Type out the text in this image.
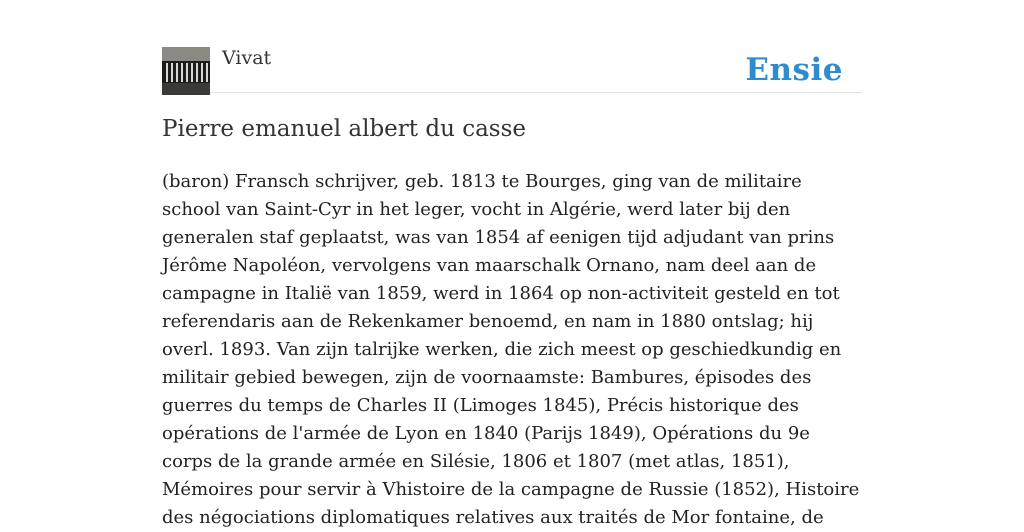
Vivat	Ensie
Pierre emanuel albert du casse

(baron) Fransch schrijver, geb. 1813 te Bourges, ging van de militaire school van Saint-Cyr in het leger, vocht in Algérie, werd later bij den generalen staf geplaatst, was van 1854 af eenigen tijd adjudant van prins Jérôme Napoléon, vervolgens van maarschalk Ornano, nam deel aan de campagne in Italië van 1859, werd in 1864 op non-activiteit gesteld en tot referendaris aan de Rekenkamer benoemd, en nam in 1880 ontslag; hij overl. 1893. Van zijn talrijke werken, die zich meest op geschiedkundig en militair gebied bewegen, zijn de voornaamste: Bambures, épisodes des guerres du temps de Charles II (Limoges 1845), Précis historique des opérations de l'armée de Lyon en 1840 (Parijs 1849), Opérations du 9e corps de la grande armée en Silésie, 1806 et 1807 (met atlas, 1851), Mémoires pour servir à Vhistoire de la campagne de Russie (1852), Histoire des négociations diplomatiques relatives aux traités de Mor fontaine, de
